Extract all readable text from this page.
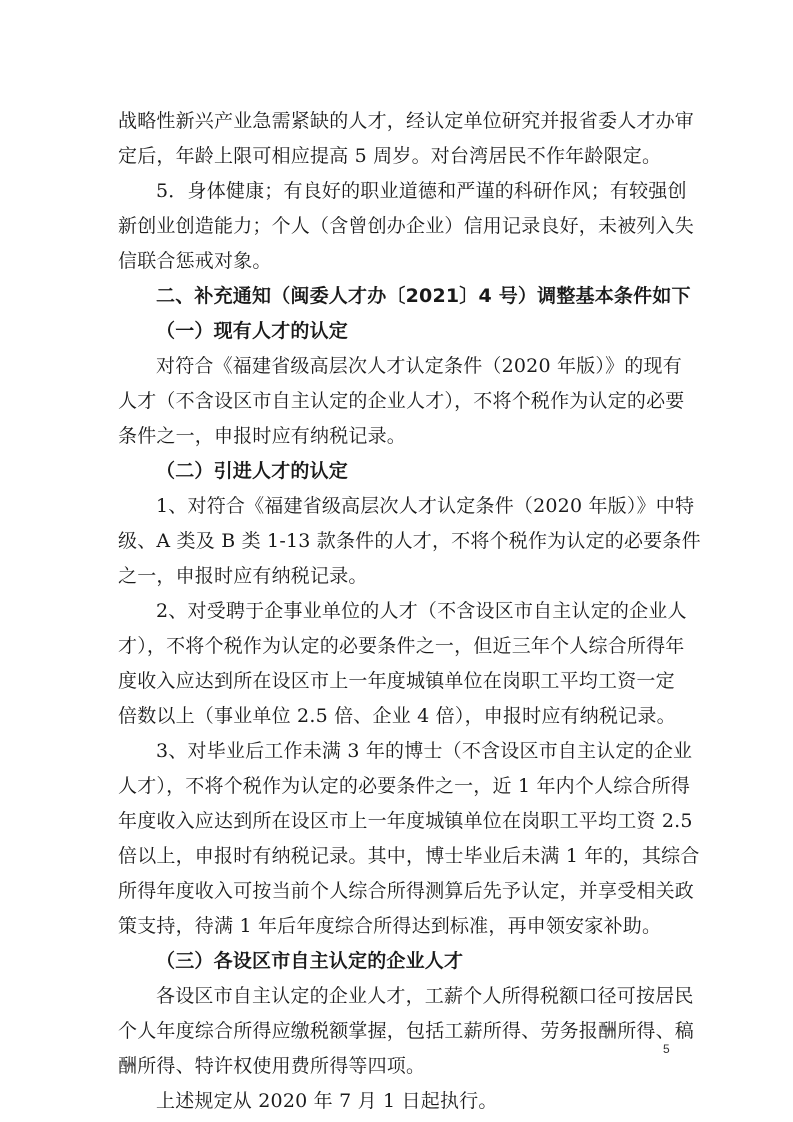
战略性新兴产业急需紧缺的人才，经认定单位研究并报省委人才办审
定后，年龄上限可相应提高 5 周岁。对台湾居民不作年龄限定。
5．身体健康；有良好的职业道德和严谨的科研作风；有较强创
新创业创造能力；个人（含曾创办企业）信用记录良好，未被列入失
信联合惩戒对象。
二、补充通知（闽委人才办〔2021〕4 号）调整基本条件如下
（一）现有人才的认定
对符合《福建省级高层次人才认定条件（2020 年版）》的现有
人才（不含设区市自主认定的企业人才），不将个税作为认定的必要
条件之一，申报时应有纳税记录。
（二）引进人才的认定
1、对符合《福建省级高层次人才认定条件（2020 年版）》中特
级、A 类及 B 类 1-13 款条件的人才，不将个税作为认定的必要条件
之一，申报时应有纳税记录。
2、对受聘于企事业单位的人才（不含设区市自主认定的企业人
才），不将个税作为认定的必要条件之一，但近三年个人综合所得年
度收入应达到所在设区市上一年度城镇单位在岗职工平均工资一定
倍数以上（事业单位 2.5 倍、企业 4 倍），申报时应有纳税记录。
3、对毕业后工作未满 3 年的博士（不含设区市自主认定的企业
人才），不将个税作为认定的必要条件之一，近 1 年内个人综合所得
年度收入应达到所在设区市上一年度城镇单位在岗职工平均工资 2.5
倍以上，申报时有纳税记录。其中，博士毕业后未满 1 年的，其综合
所得年度收入可按当前个人综合所得测算后先予认定，并享受相关政
策支持，待满 1 年后年度综合所得达到标准，再申领安家补助。
（三）各设区市自主认定的企业人才
各设区市自主认定的企业人才，工薪个人所得税额口径可按居民
个人年度综合所得应缴税额掌握，包括工薪所得、劳务报酬所得、稿
酬所得、特许权使用费所得等四项。
上述规定从 2020 年 7 月 1 日起执行。
5
